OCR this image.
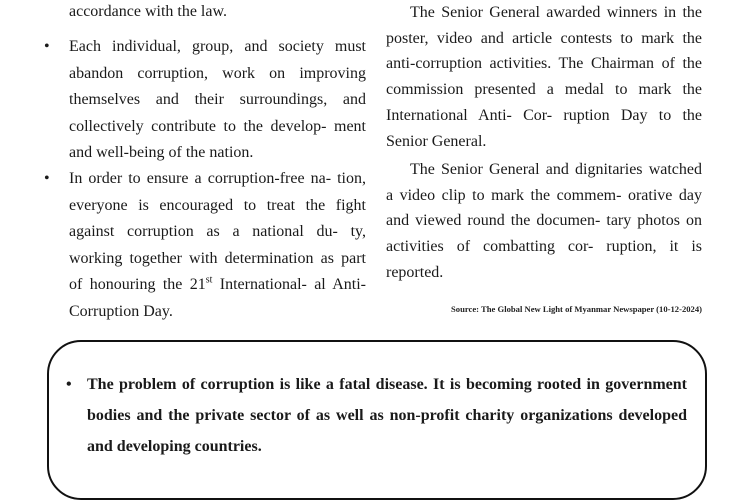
accordance with the law.
•	Each individual, group, and society must abandon corruption, work on improving themselves and their surroundings, and collectively contribute to the develop- ment and well-being of the nation.
•	In order to ensure a corruption-free na- tion, everyone is encouraged to treat the fight against corruption as a national du- ty, working together with determination as part of honouring the 21st International- al Anti-Corruption Day.
The Senior General awarded winners in the poster, video and article contests to mark the anti-corruption activities. The Chairman of the commission presented a medal to mark the International Anti- Cor- ruption Day to the Senior General.
The Senior General and dignitaries watched a video clip to mark the commem- orative day and viewed round the documen- tary photos on activities of combatting cor- ruption, it is reported.
Source: The Global New Light of Myanmar Newspaper (10-12-2024)
• The problem of corruption is like a fatal disease. It is becoming rooted in government bodies and the private sector of as well as non-profit charity organizations developed and developing countries.
